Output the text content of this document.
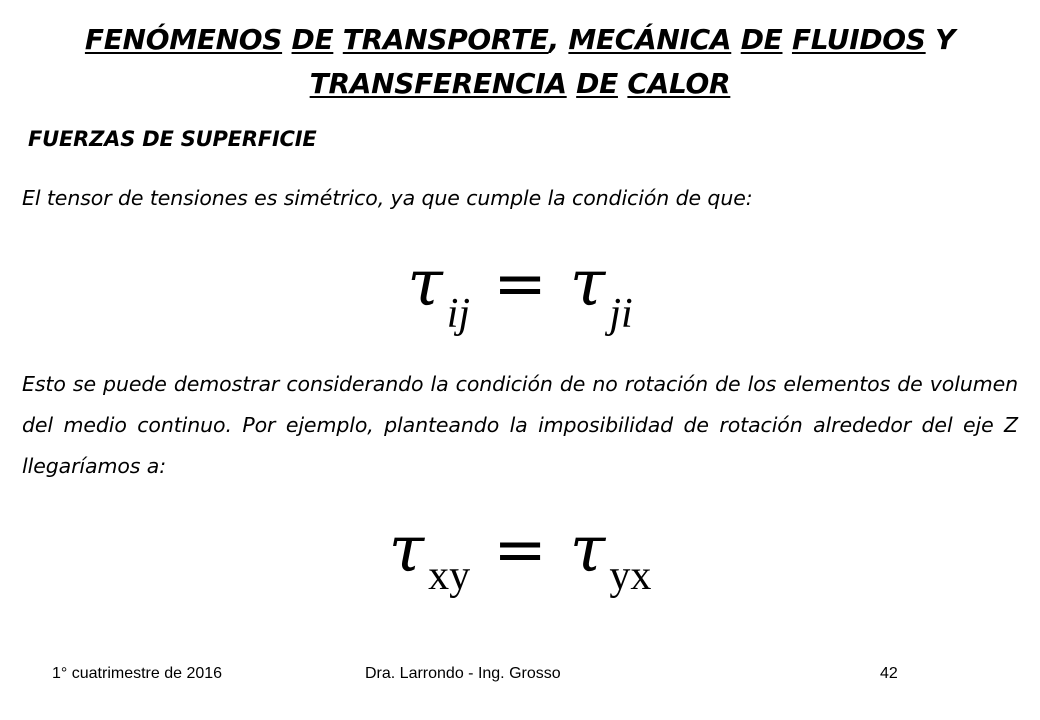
FENÓMENOS DE TRANSPORTE, MECÁNICA DE FLUIDOS Y
TRANSFERENCIA DE CALOR
FUERZAS DE SUPERFICIE
El tensor de tensiones es simétrico, ya que cumple la condición de que:
τij = τji
Esto se puede demostrar considerando la condición de no rotación de los elementos de volumen del medio continuo. Por ejemplo, planteando la imposibilidad de rotación alrededor del eje Z llegaríamos a:
τxy = τyx
1° cuatrimestre de 2016	Dra. Larrondo - Ing. Grosso	42
